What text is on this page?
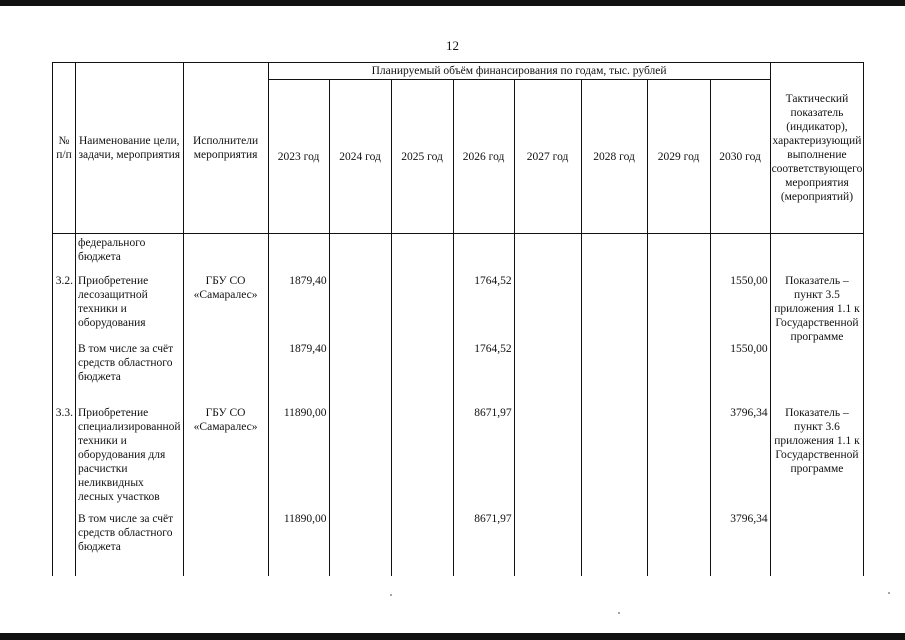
12
№ п/п	Наименование цели, задачи, мероприятия	Исполнители мероприятия	Планируемый объём финансирования по годам, тыс. рублей								Тактический показатель (индикатор), характеризующий выполнение соответствующего мероприятия (мероприятий)
			2023 год	2024 год	2025 год	2026 год	2027 год	2028 год	2029 год	2030 год	
	федерального бюджета										
3.2.	Приобретение лесозащитной техники и оборудования	ГБУ СО «Самаралес»	1879,40			1764,52				1550,00	Показатель – пункт 3.5 приложения 1.1 к Государственной программе
	В том числе за счёт средств областного бюджета		1879,40			1764,52				1550,00	
3.3.	Приобретение специализированной техники и оборудования для расчистки неликвидных лесных участков	ГБУ СО «Самаралес»	11890,00			8671,97				3796,34	Показатель – пункт 3.6 приложения 1.1 к Государственной программе
	В том числе за счёт средств областного бюджета		11890,00			8671,97				3796,34	
